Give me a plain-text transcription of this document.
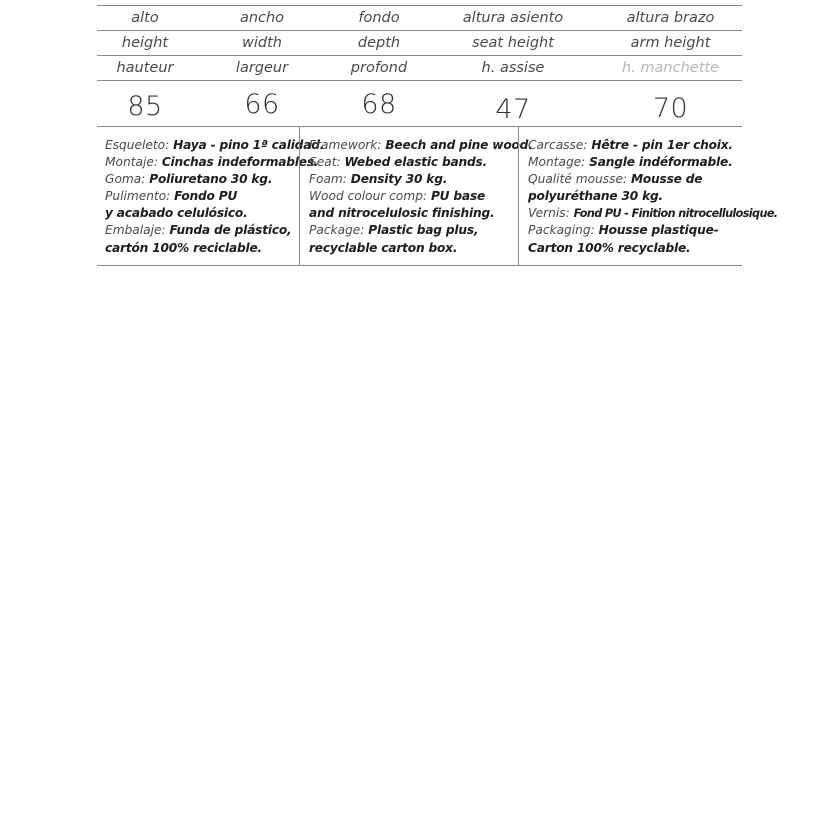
alto	ancho	fondo	altura asiento	altura brazo
height	width	depth	seat height	arm height
hauteur	largeur	profond	h. assise	h. manchette
85	66	68	47	70
Esqueleto: Haya - pino 1ª calidad.
Montaje: Cinchas indeformables.
Goma: Poliuretano 30 kg.
Pulimento: Fondo PU
y acabado celulósico.
Embalaje: Funda de plástico,
cartón 100% reciclable.
Framework: Beech and pine wood.
Seat: Webed elastic bands.
Foam: Density 30 kg.
Wood colour comp: PU base
and nitrocelulosic finishing.
Package: Plastic bag plus,
recyclable carton box.
Carcasse: Hêtre - pin 1er choix.
Montage: Sangle indéformable.
Qualité mousse: Mousse de
polyuréthane 30 kg.
Vernis: Fond PU - Finition nitrocellulosique.
Packaging: Housse plastique-
Carton 100% recyclable.
